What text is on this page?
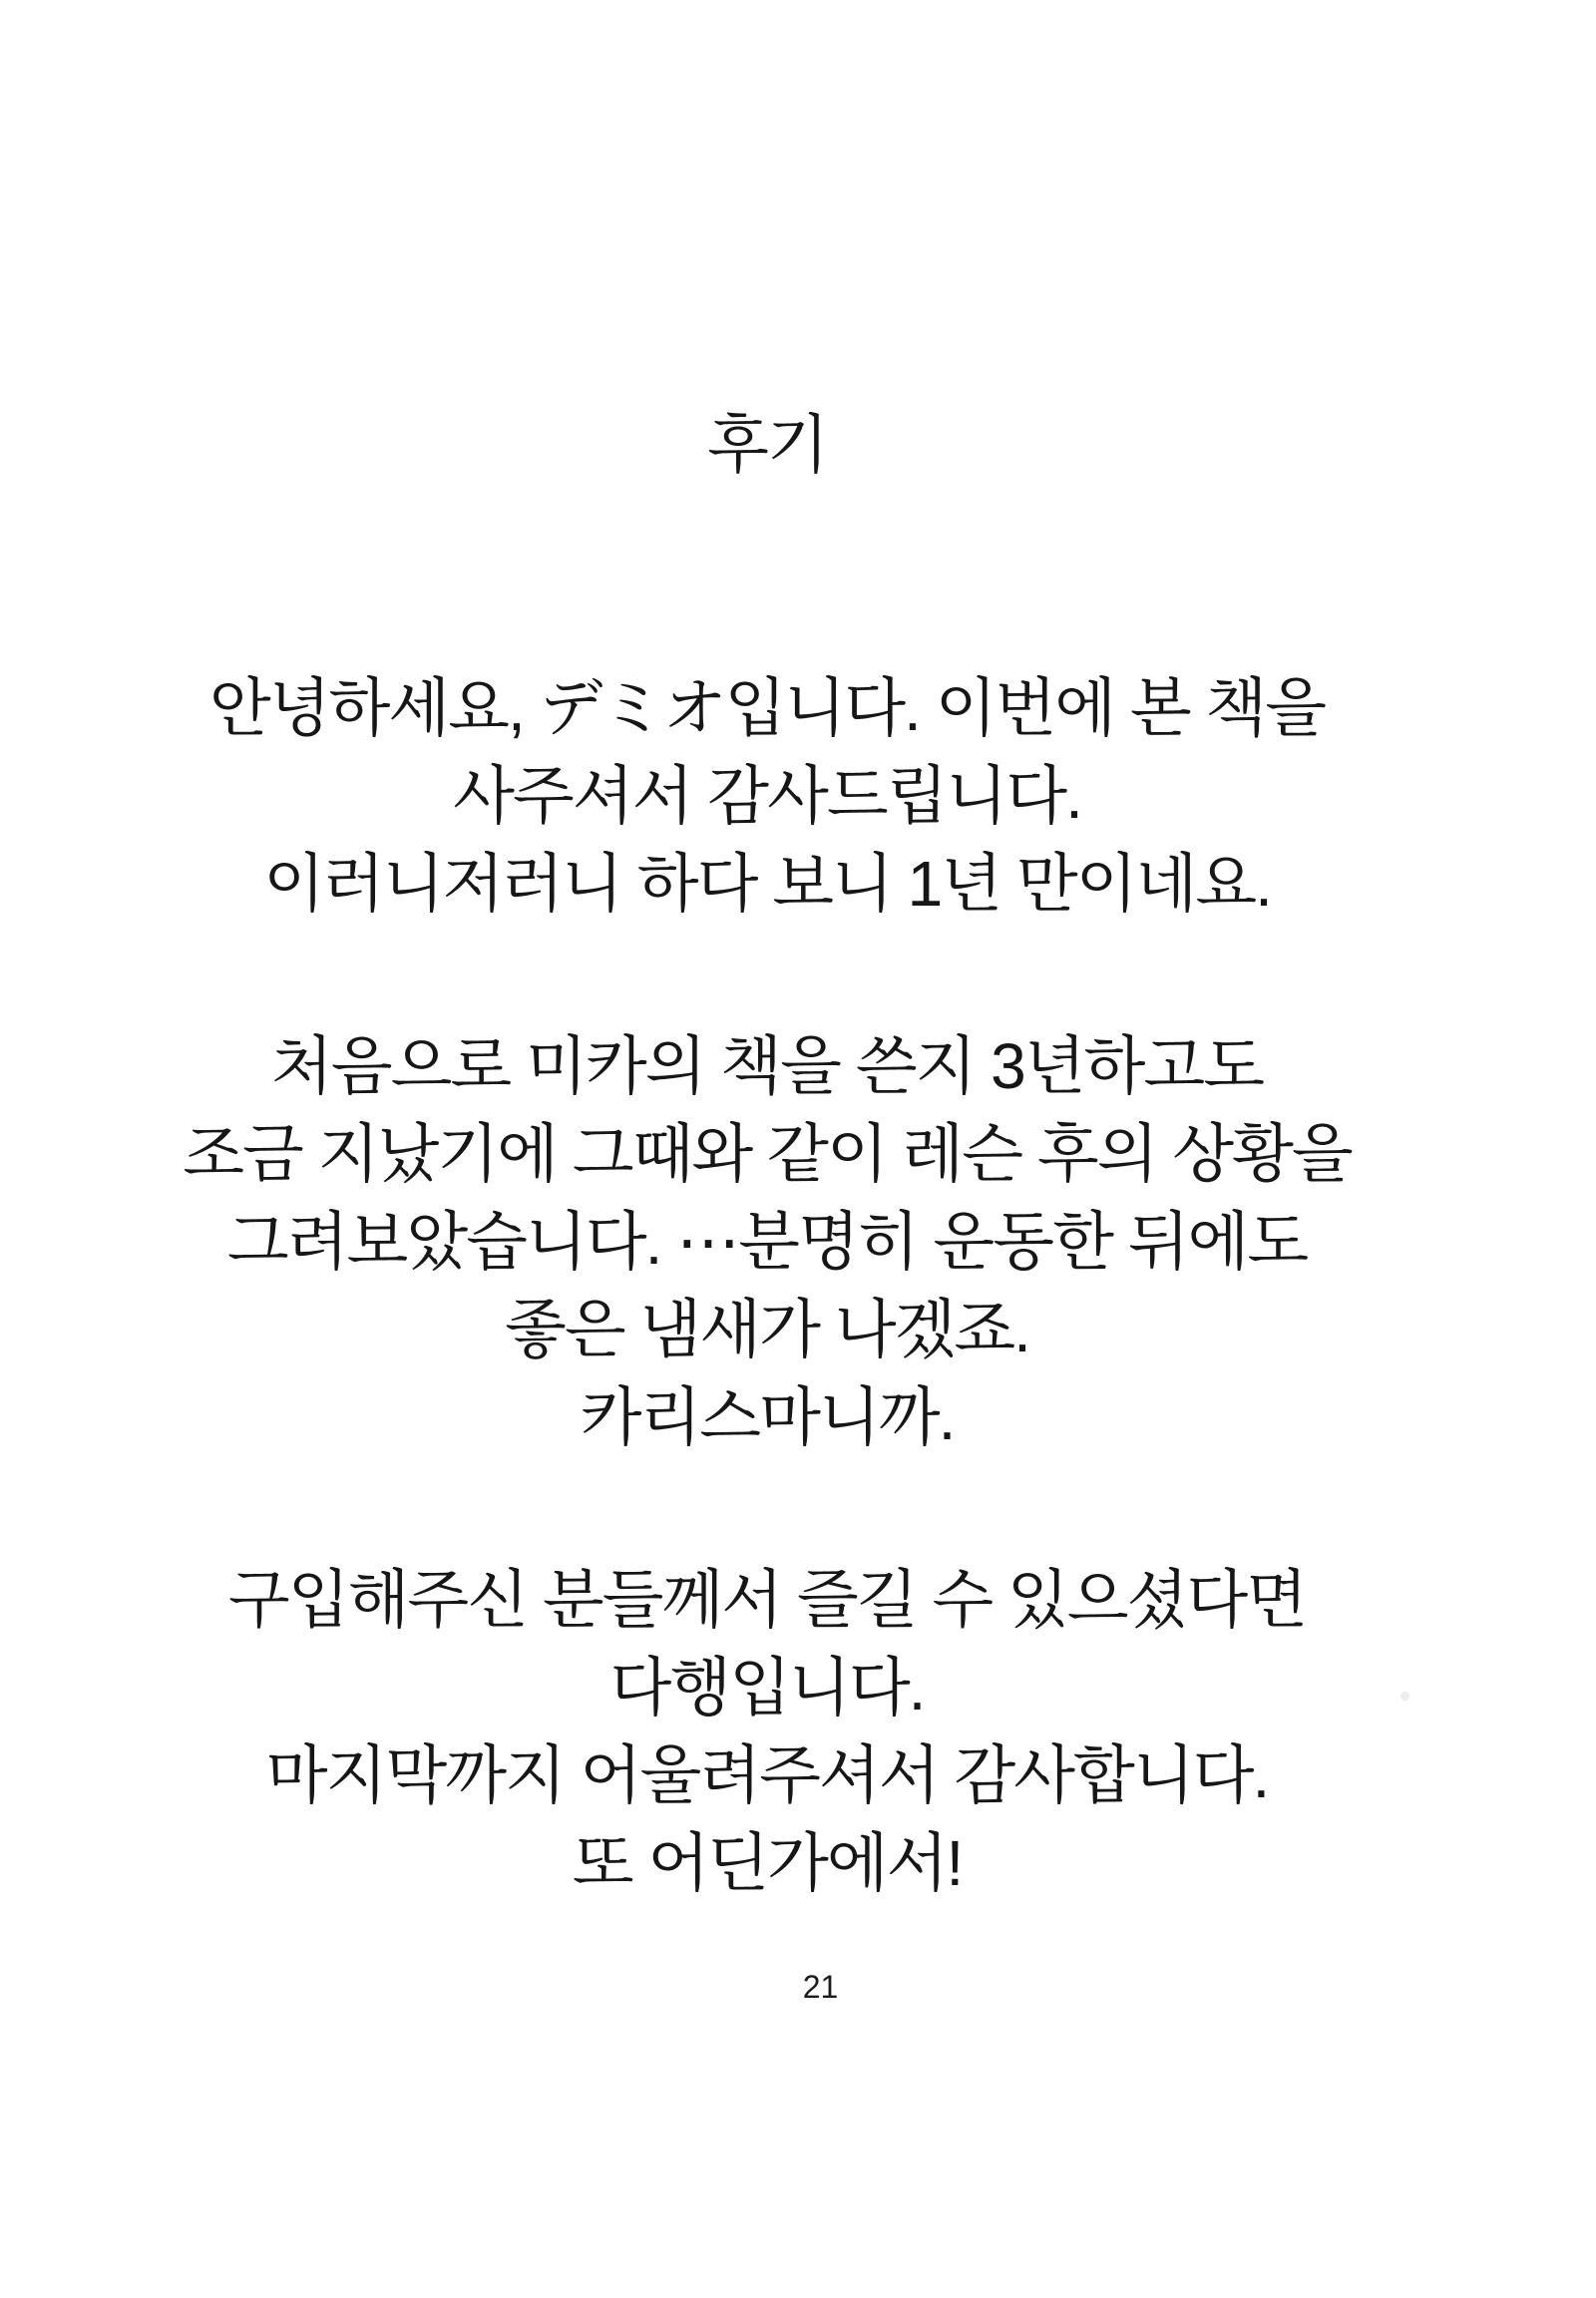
후기

안녕하세요, デミオ입니다. 이번에 본 책을
사주셔서 감사드립니다.
이러니저러니 하다 보니 1년 만이네요.
처음으로 미카의 책을 쓴지 3년하고도
조금 지났기에 그때와 같이 레슨 후의 상황을
그려보았습니다. ⋯분명히 운동한 뒤에도
좋은 냄새가 나겠죠.
카리스마니까.
구입해주신 분들께서 즐길 수 있으셨다면
다행입니다.
마지막까지 어울려주셔서 감사합니다.
또 어딘가에서!

21
